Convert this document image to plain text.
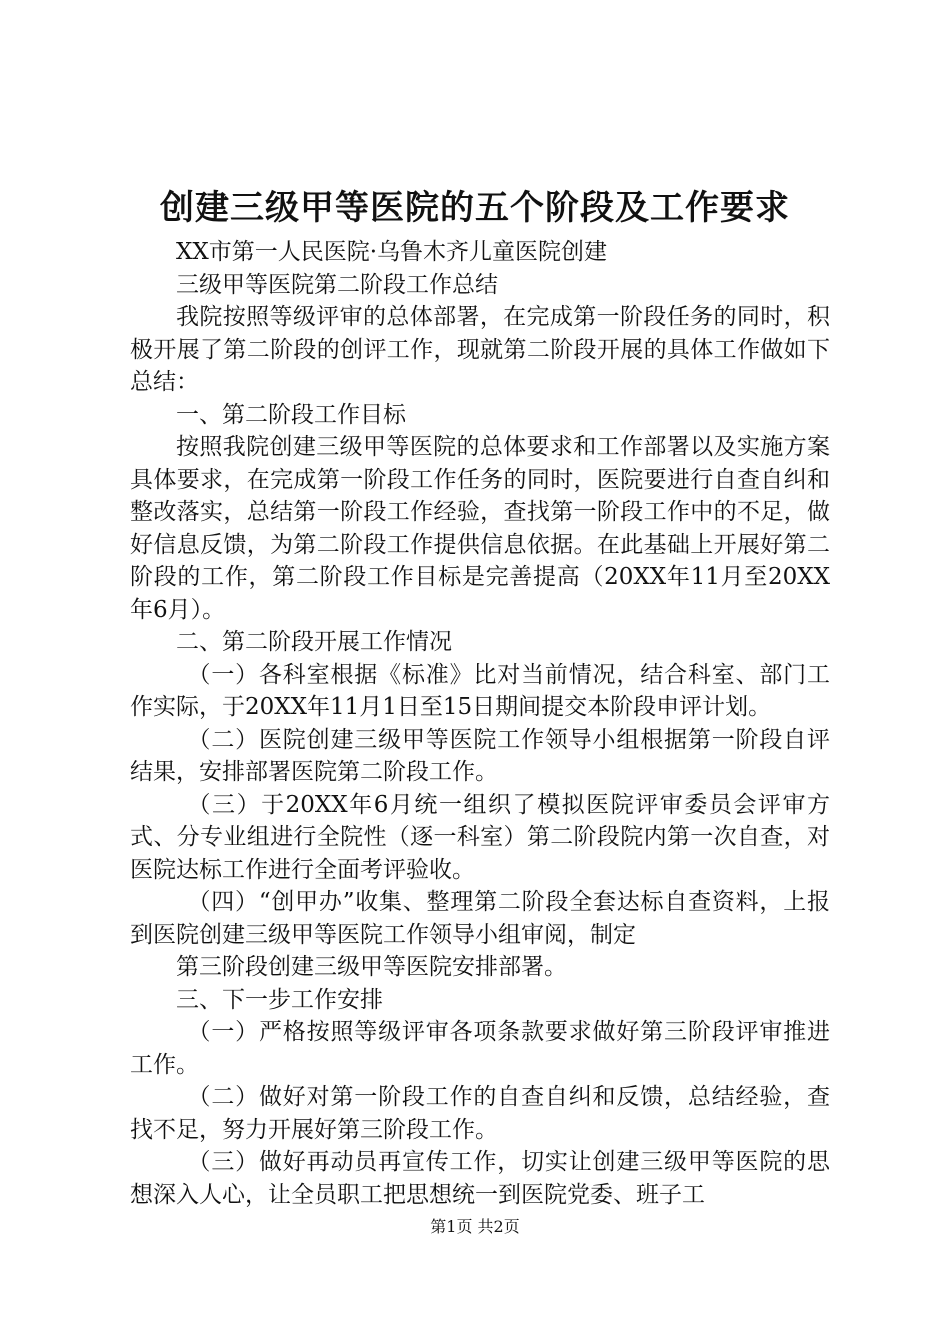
创建三级甲等医院的五个阶段及工作要求

XX市第一人民医院·乌鲁木齐儿童医院创建

三级甲等医院第二阶段工作总结

我院按照等级评审的总体部署，在完成第一阶段任务的同时，积极开展了第二阶段的创评工作，现就第二阶段开展的具体工作做如下总结：

一、第二阶段工作目标

按照我院创建三级甲等医院的总体要求和工作部署以及实施方案具体要求，在完成第一阶段工作任务的同时，医院要进行自查自纠和整改落实，总结第一阶段工作经验，查找第一阶段工作中的不足，做好信息反馈，为第二阶段工作提供信息依据。在此基础上开展好第二阶段的工作，第二阶段工作目标是完善提高（20XX年11月至20XX年6月）。

二、第二阶段开展工作情况

（一）各科室根据《标准》比对当前情况，结合科室、部门工作实际，于20XX年11月1日至15日期间提交本阶段申评计划。

（二）医院创建三级甲等医院工作领导小组根据第一阶段自评结果，安排部署医院第二阶段工作。

（三）于20XX年6月统一组织了模拟医院评审委员会评审方式、分专业组进行全院性（逐一科室）第二阶段院内第一次自查，对医院达标工作进行全面考评验收。

（四）“创甲办”收集、整理第二阶段全套达标自查资料，上报到医院创建三级甲等医院工作领导小组审阅，制定

第三阶段创建三级甲等医院安排部署。

三、下一步工作安排

（一）严格按照等级评审各项条款要求做好第三阶段评审推进工作。

（二）做好对第一阶段工作的自查自纠和反馈，总结经验，查找不足，努力开展好第三阶段工作。

（三）做好再动员再宣传工作，切实让创建三级甲等医院的思想深入人心，让全员职工把思想统一到医院党委、班子工

第1页 共2页
